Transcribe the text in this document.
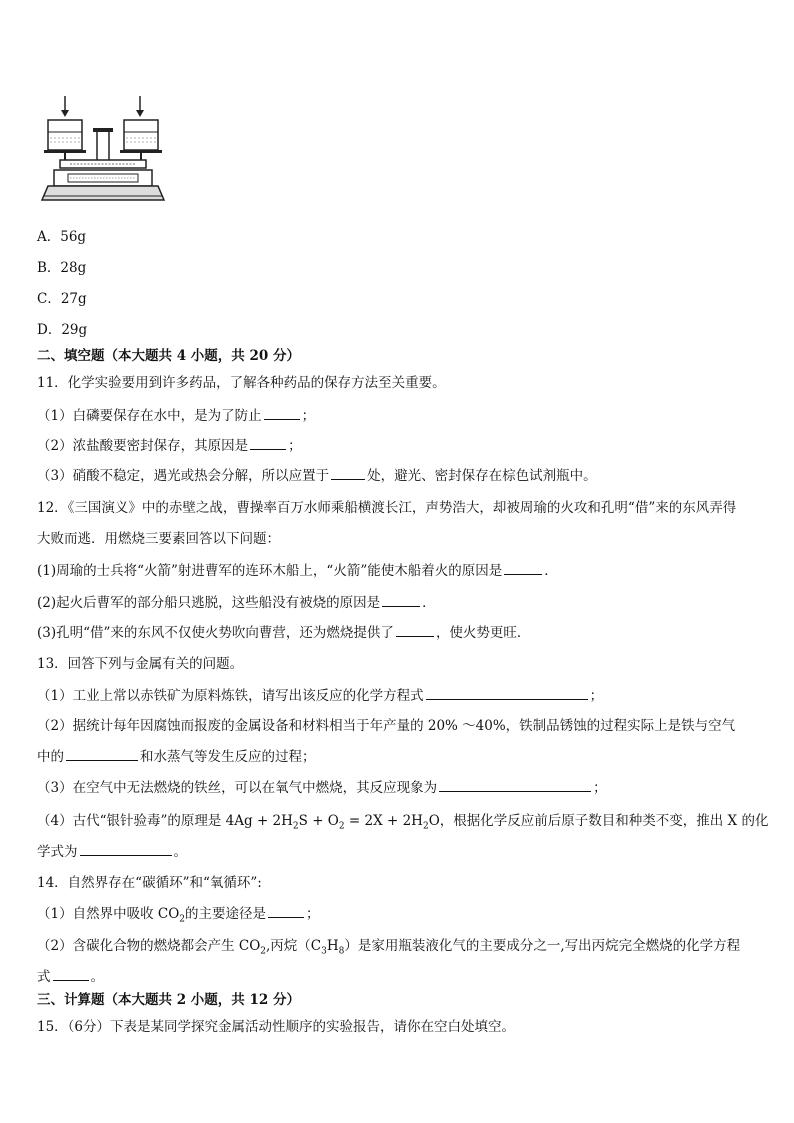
A．56g
B．28g
C．27g
D．29g
二、填空题（本大题共 4 小题，共 20 分）
11．化学实验要用到许多药品，了解各种药品的保存方法至关重要。
（1）白磷要保存在水中，是为了防止	；
（2）浓盐酸要密封保存，其原因是	；
（3）硝酸不稳定，遇光或热会分解，所以应置于	处，避光、密封保存在棕色试剂瓶中。
12．《三国演义》中的赤壁之战，曹操率百万水师乘船横渡长江，声势浩大，却被周瑜的火攻和孔明“借”来的东风弄得
大败而逃．用燃烧三要素回答以下问题：
(1)周瑜的士兵将“火箭”射进曹军的连环木船上，“火箭”能使木船着火的原因是	．
(2)起火后曹军的部分船只逃脱，这些船没有被烧的原因是	．
(3)孔明“借”来的东风不仅使火势吹向曹营，还为燃烧提供了	，使火势更旺．
13．回答下列与金属有关的问题。
（1）工业上常以赤铁矿为原料炼铁，请写出该反应的化学方程式	；
（2）据统计每年因腐蚀而报废的金属设备和材料相当于年产量的 20% ～40%，铁制品锈蚀的过程实际上是铁与空气
中的	和水蒸气等发生反应的过程；
（3）在空气中无法燃烧的铁丝，可以在氧气中燃烧，其反应现象为	；
（4）古代“银针验毒”的原理是 $4Ag + 2H_2S + O_2 = 2X + 2H_2O$，根据化学反应前后原子数目和种类不变，推出 X 的化
学式为	。
14．自然界存在“碳循环”和“氧循环”:
（1）自然界中吸收 $CO_2$的主要途径是	；
（2）含碳化合物的燃烧都会产生 $CO_2$,丙烷$(C_3H_8)$是家用瓶装液化气的主要成分之一,写出丙烷完全燃烧的化学方程
式	。
三、计算题（本大题共 2 小题，共 12 分）
15．（6分）下表是某同学探究金属活动性顺序的实验报告，请你在空白处填空。
